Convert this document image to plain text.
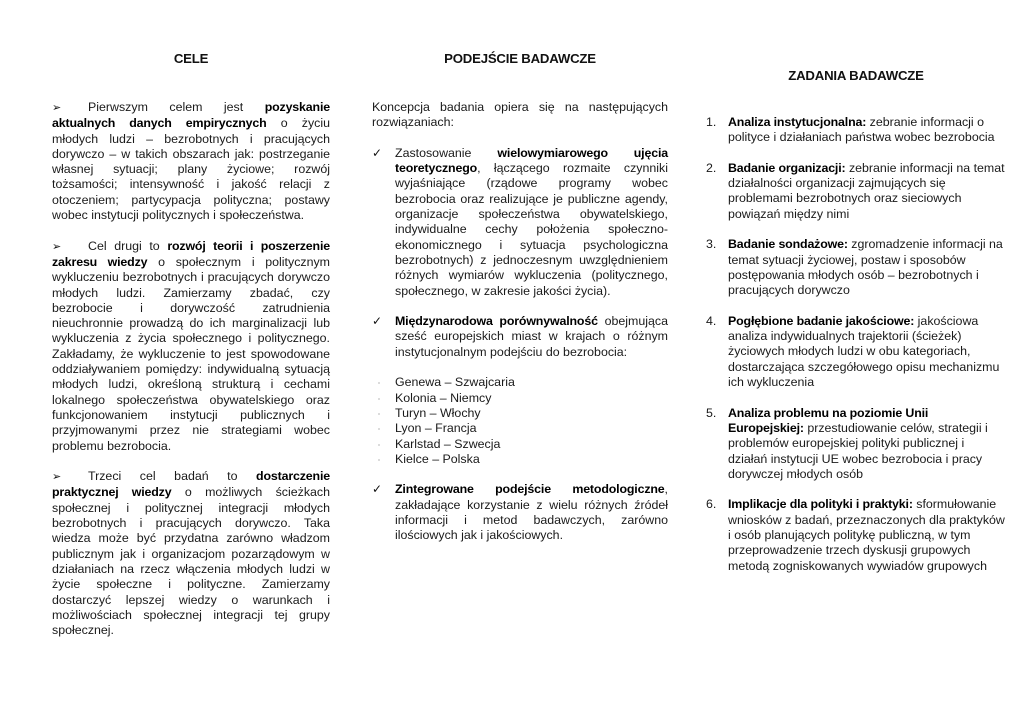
CELE

➢ Pierwszym celem jest pozyskanie aktualnych danych empirycznych o życiu młodych ludzi – bezrobotnych i pracujących dorywczo – w takich obszarach jak: postrzeganie własnej sytuacji; plany życiowe; rozwój tożsamości; intensywność i jakość relacji z otoczeniem; partycypacja polityczna; postawy wobec instytucji politycznych i społeczeństwa.

➢ Cel drugi to rozwój teorii i poszerzenie zakresu wiedzy o społecznym i politycznym wykluczeniu bezrobotnych i pracujących dorywczo młodych ludzi. Zamierzamy zbadać, czy bezrobocie i dorywczość zatrudnienia nieuchronnie prowadzą do ich marginalizacji lub wykluczenia z życia społecznego i politycznego. Zakładamy, że wykluczenie to jest spowodowane oddziaływaniem pomiędzy: indywidualną sytuacją młodych ludzi, określoną strukturą i cechami lokalnego społeczeństwa obywatelskiego oraz funkcjonowaniem instytucji publicznych i przyjmowanymi przez nie strategiami wobec problemu bezrobocia.

➢ Trzeci cel badań to dostarczenie praktycznej wiedzy o możliwych ścieżkach społecznej i politycznej integracji młodych bezrobotnych i pracujących dorywczo. Taka wiedza może być przydatna zarówno władzom publicznym jak i organizacjom pozarządowym w działaniach na rzecz włączenia młodych ludzi w życie społeczne i polityczne. Zamierzamy dostarczyć lepszej wiedzy o warunkach i możliwościach społecznej integracji tej grupy społecznej.

PODEJŚCIE BADAWCZE

Koncepcja badania opiera się na następujących rozwiązaniach:

✓ Zastosowanie wielowymiarowego ujęcia teoretycznego, łączącego rozmaite czynniki wyjaśniające (rządowe programy wobec bezrobocia oraz realizujące je publiczne agendy, organizacje społeczeństwa obywatelskiego, indywidualne cechy położenia społeczno-ekonomicznego i sytuacja psychologiczna bezrobotnych) z jednoczesnym uwzględnieniem różnych wymiarów wykluczenia (politycznego, społecznego, w zakresie jakości życia).

✓ Międzynarodowa porównywalność obejmująca sześć europejskich miast w krajach o różnym instytucjonalnym podejściu do bezrobocia:

Genewa – Szwajcaria
Kolonia – Niemcy
Turyn – Włochy
Lyon – Francja
Karlstad – Szwecja
Kielce – Polska

✓ Zintegrowane podejście metodologiczne, zakładające korzystanie z wielu różnych źródeł informacji i metod badawczych, zarówno ilościowych jak i jakościowych.

ZADANIA BADAWCZE
1. Analiza instytucjonalna: zebranie informacji o polityce i działaniach państwa wobec bezrobocia
2. Badanie organizacji: zebranie informacji na temat działalności organizacji zajmujących się problemami bezrobotnych oraz sieciowych powiązań między nimi
3. Badanie sondażowe: zgromadzenie informacji na temat sytuacji życiowej, postaw i sposobów postępowania młodych osób – bezrobotnych i pracujących dorywczo
4. Pogłębione badanie jakościowe: jakościowa analiza indywidualnych trajektorii (ścieżek) życiowych młodych ludzi w obu kategoriach, dostarczająca szczegółowego opisu mechanizmu ich wykluczenia
5. Analiza problemu na poziomie Unii Europejskiej: przestudiowanie celów, strategii i problemów europejskiej polityki publicznej i działań instytucji UE wobec bezrobocia i pracy dorywczej młodych osób
6. Implikacje dla polityki i praktyki: sformułowanie wniosków z badań, przeznaczonych dla praktyków i osób planujących politykę publiczną, w tym przeprowadzenie trzech dyskusji grupowych metodą zogniskowanych wywiadów grupowych
